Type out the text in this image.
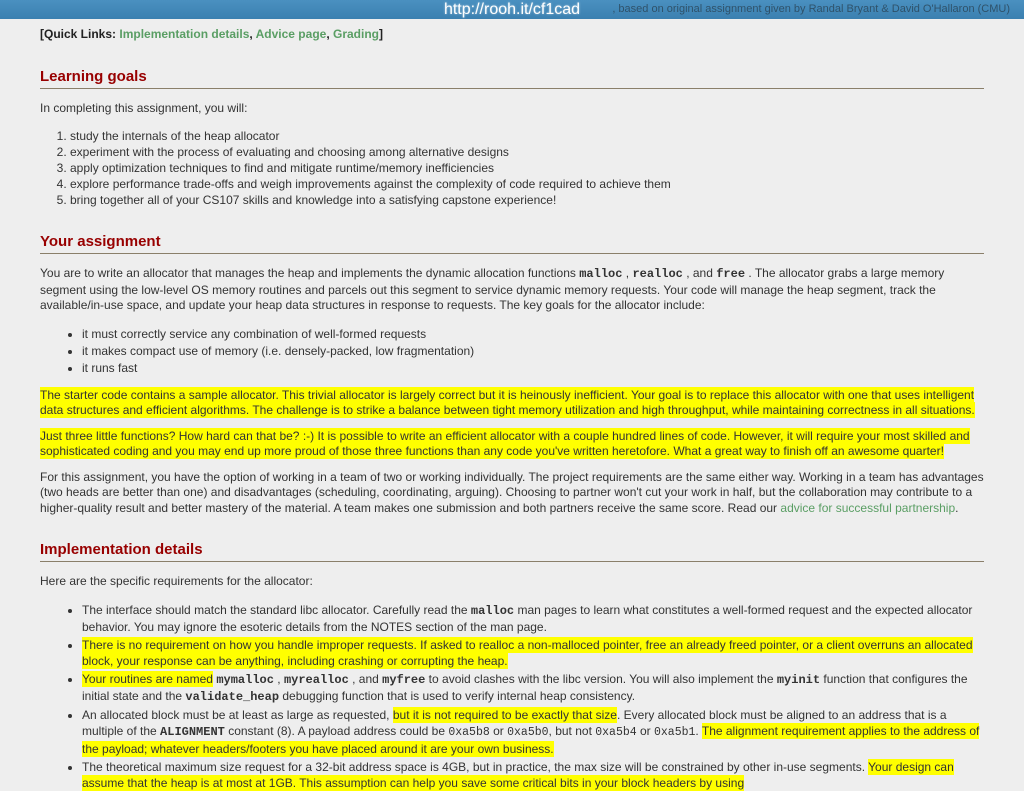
, based on original assignment given by Randal Bryant & David O'Hallaron (CMU)
http://rooh.it/cf1cad

[Quick Links: Implementation details, Advice page, Grading]

Learning goals

In completing this assignment, you will:

1. study the internals of the heap allocator
2. experiment with the process of evaluating and choosing among alternative designs
3. apply optimization techniques to find and mitigate runtime/memory inefficiencies
4. explore performance trade-offs and weigh improvements against the complexity of code required to achieve them
5. bring together all of your CS107 skills and knowledge into a satisfying capstone experience!
Your assignment

You are to write an allocator that manages the heap and implements the dynamic allocation functions malloc , realloc , and free . The allocator grabs a large memory segment using the low-level OS memory routines and parcels out this segment to service dynamic memory requests. Your code will manage the heap segment, track the available/in-use space, and update your heap data structures in response to requests. The key goals for the allocator include:

• it must correctly service any combination of well-formed requests
• it makes compact use of memory (i.e. densely-packed, low fragmentation)
• it runs fast

The starter code contains a sample allocator. This trivial allocator is largely correct but it is heinously inefficient. Your goal is to replace this allocator with one that uses intelligent data structures and efficient algorithms. The challenge is to strike a balance between tight memory utilization and high throughput, while maintaining correctness in all situations.

Just three little functions? How hard can that be? :-) It is possible to write an efficient allocator with a couple hundred lines of code. However, it will require your most skilled and sophisticated coding and you may end up more proud of those three functions than any code you've written heretofore. What a great way to finish off an awesome quarter!

For this assignment, you have the option of working in a team of two or working individually. The project requirements are the same either way. Working in a team has advantages (two heads are better than one) and disadvantages (scheduling, coordinating, arguing). Choosing to partner won't cut your work in half, but the collaboration may contribute to a higher-quality result and better mastery of the material. A team makes one submission and both partners receive the same score. Read our advice for successful partnership.

Implementation details

Here are the specific requirements for the allocator:

• The interface should match the standard libc allocator. Carefully read the malloc man pages to learn what constitutes a well-formed request and the expected allocator behavior. You may ignore the esoteric details from the NOTES section of the man page.
• There is no requirement on how you handle improper requests. If asked to realloc a non-malloced pointer, free an already freed pointer, or a client overruns an allocated block, your response can be anything, including crashing or corrupting the heap.
• Your routines are named mymalloc , myrealloc , and myfree to avoid clashes with the libc version. You will also implement the myinit function that configures the initial state and the validate_heap debugging function that is used to verify internal heap consistency.
• An allocated block must be at least as large as requested, but it is not required to be exactly that size. Every allocated block must be aligned to an address that is a multiple of the ALIGNMENT constant (8). A payload address could be 0xa5b8 or 0xa5b0, but not 0xa5b4 or 0xa5b1. The alignment requirement applies to the address of the payload; whatever headers/footers you have placed around it are your own business.
• The theoretical maximum size request for a 32-bit address space is 4GB, but in practice, the max size will be constrained by other in-use segments. Your design can assume that the heap is at most at 1GB. This assumption can help you save some critical bits in your block headers by using
